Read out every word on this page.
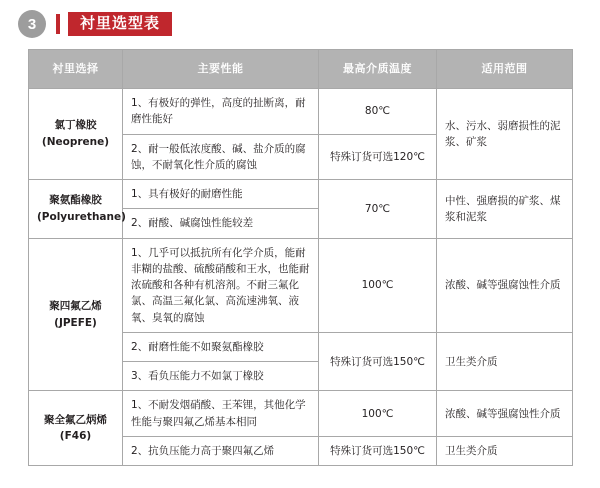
3	衬里选型表
衬里选择	主要性能	最高介质温度	适用范围

氯丁橡胶
(Neoprene)	1、有极好的弹性，高度的扯断离，耐磨性能好	80℃	水、污水、弱磨损性的泥浆、矿浆
	2、耐一般低浓度酸、碱、盐介质的腐蚀，不耐氧化性介质的腐蚀	特殊订货可选120℃	

聚氨酯橡胶
(Polyurethane)	1、具有极好的耐磨性能	70℃	中性、强磨损的矿浆、煤浆和泥浆
	2、耐酸、碱腐蚀性能较差		

聚四氟乙烯
(JPEFE)	1、几乎可以抵抗所有化学介质，能耐非糊的盐酸、硫酸硝酸和王水，也能耐浓硫酸和各种有机溶剂。不耐三氟化氯、高温三氟化氯、高流速沸氧、液氧、臭氧的腐蚀	100℃	浓酸、碱等强腐蚀性介质
	2、耐磨性能不如聚氨酯橡胶	特殊订货可选150℃	卫生类介质
	3、看负压能力不如氯丁橡胶		

聚全氟乙炳烯
(F46)	1、不耐发烟硝酸、王苯锂，其他化学性能与聚四氟乙烯基本相同	100℃	浓酸、碱等强腐蚀性介质
	2、抗负压能力高于聚四氟乙烯	特殊订货可选150℃	卫生类介质
